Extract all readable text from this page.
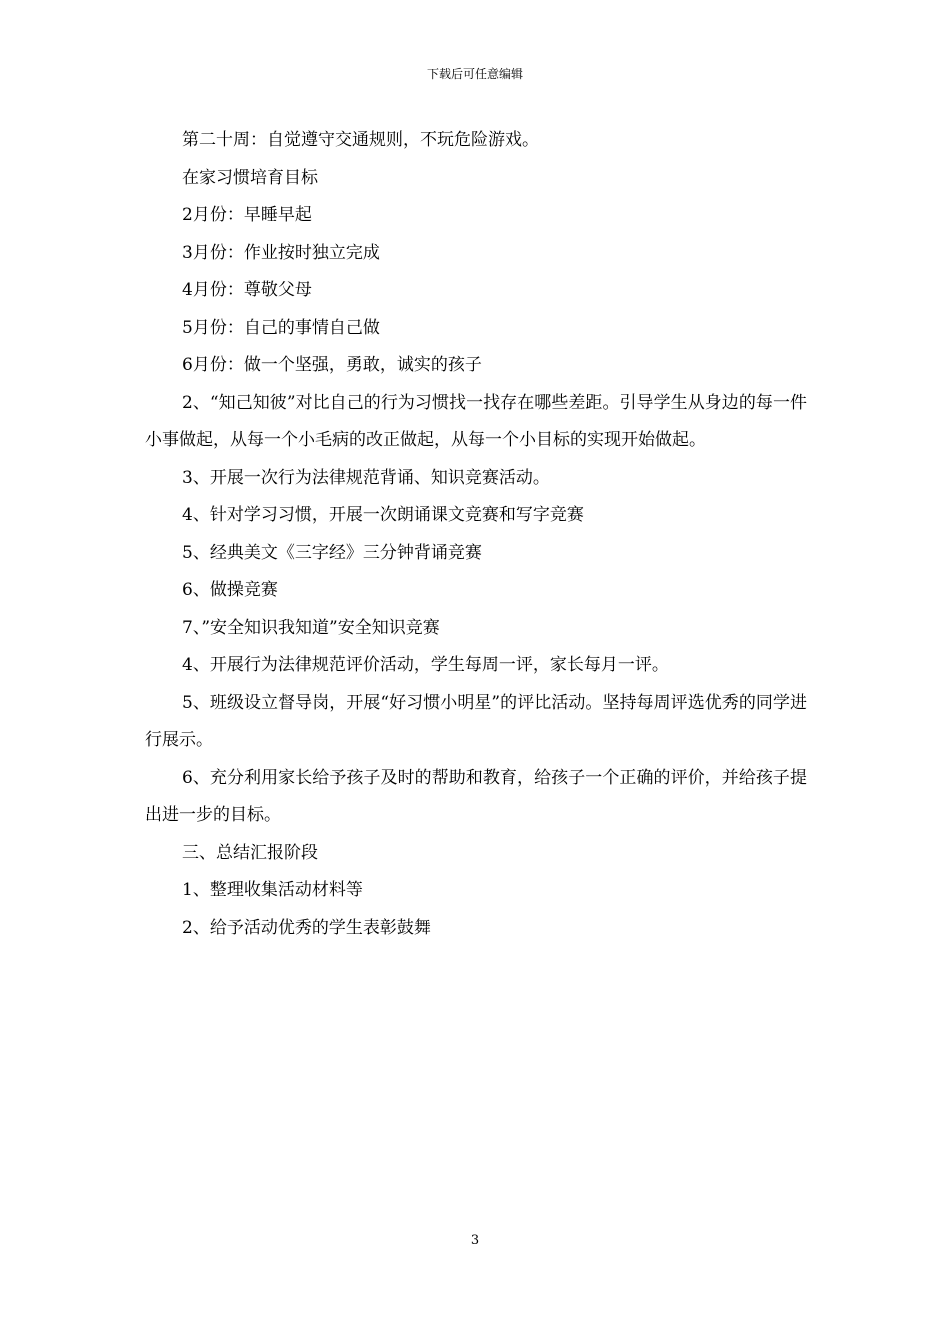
下载后可任意编辑

第二十周：自觉遵守交通规则，不玩危险游戏。

在家习惯培育目标

2月份：早睡早起

3月份：作业按时独立完成

4月份：尊敬父母

5月份：自己的事情自己做

6月份：做一个坚强，勇敢，诚实的孩子

2、“知己知彼”对比自己的行为习惯找一找存在哪些差距。引导学生从身边的每一件小事做起，从每一个小毛病的改正做起，从每一个小目标的实现开始做起。

3、开展一次行为法律规范背诵、知识竞赛活动。

4、针对学习习惯，开展一次朗诵课文竞赛和写字竞赛

5、经典美文《三字经》三分钟背诵竞赛

6、做操竞赛

7、”安全知识我知道”安全知识竞赛

4、开展行为法律规范评价活动，学生每周一评，家长每月一评。

5、班级设立督导岗，开展“好习惯小明星”的评比活动。坚持每周评选优秀的同学进行展示。

6、充分利用家长给予孩子及时的帮助和教育，给孩子一个正确的评价，并给孩子提出进一步的目标。

三、总结汇报阶段

1、整理收集活动材料等

2、给予活动优秀的学生表彰鼓舞

3
